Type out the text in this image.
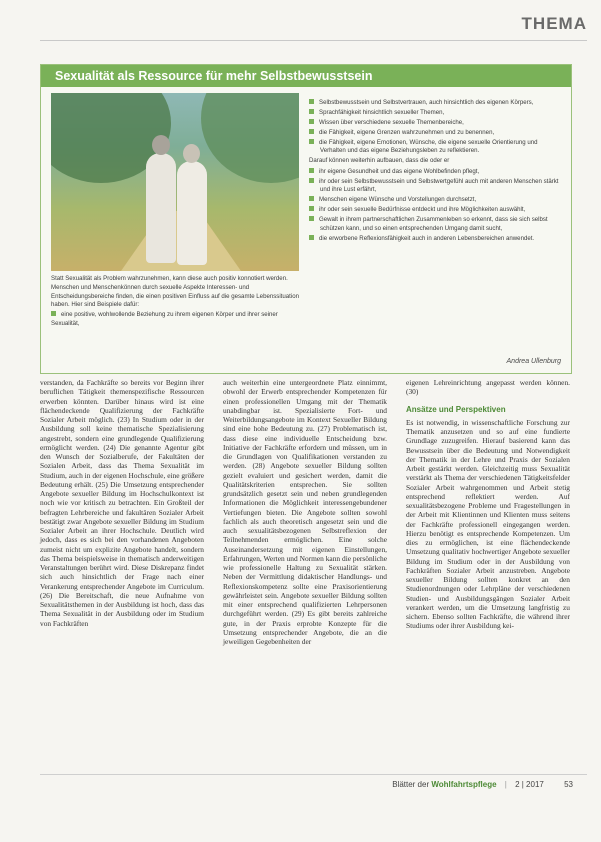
THEMA
Sexualität als Ressource für mehr Selbstbewusstsein
Statt Sexualität als Problem wahrzunehmen, kann diese auch positiv konnotiert werden. Menschen und Menschenkönnen durch sexuelle Aspekte Interessen- und Entscheidungsbereiche finden, die einen positiven Einfluss auf die gesamte Lebenssituation haben. Hier sind Beispiele dafür:
eine positive, wohlwollende Beziehung zu ihrem eigenen Körper und ihrer seiner Sexualität,
Selbstbewusstsein und Selbstvertrauen, auch hinsichtlich des eigenen Körpers,
Sprachfähigkeit hinsichtlich sexueller Themen,
Wissen über verschiedene sexuelle Themenbereiche,
die Fähigkeit, eigene Grenzen wahrzunehmen und zu benennen,
die Fähigkeit, eigene Emotionen, Wünsche, die eigene sexuelle Orientierung und Verhalten und das eigene Beziehungsleben zu reflektieren.
Darauf können weiterhin aufbauen, dass die oder er
ihr eigene Gesundheit und das eigene Wohlbefinden pflegt,
ihr oder sein Selbstbewusstsein und Selbstwertgefühl auch mit anderen Menschen stärkt und ihre Lust erfährt,
Menschen eigene Wünsche und Vorstellungen durchsetzt,
ihr oder sein sexuelle Bedürfnisse entdeckt und ihre Möglichkeiten auswählt,
Gewalt in ihrem partnerschaftlichen Zusammenleben so erkennt, dass sie sich selbst schützen kann, und so einen entsprechenden Umgang damit sucht,
die erworbene Reflexionsfähigkeit auch in anderen Lebensbereichen anwendet.
Andrea Ullenburg

verstanden, da Fachkräfte so bereits vor Beginn ihrer beruflichen Tätigkeit themenspezifische Ressourcen erwerben könnten. Darüber hinaus wird ist eine flächendeckende Qualifizierung der Fachkräfte Sozialer Arbeit möglich. (23) In Studium oder in der Ausbildung soll keine thematische Spezialisierung angestrebt, sondern eine grundlegende Qualifizierung ermöglicht werden. (24) Die genannte Agentur gibt den Wunsch der Sozialberufe, der Fakultäten der Sozialen Arbeit, dass das Thema Sexualität im Studium, auch in der eigenen Hochschule, eine größere Bedeutung erhält. (25) Die Umsetzung entsprechender Angebote sexueller Bildung im Hochschulkontext ist noch wie vor kritisch zu betrachten. Ein Großteil der befragten Lehrbereiche und fakultären Sozialer Arbeit bestätigt zwar Angebote sexueller Bildung im Studium Sozialer Arbeit an ihrer Hochschule. Deutlich wird jedoch, dass es sich bei den vorhandenen Angeboten zumeist nicht um explizite Angebote handelt, sondern das Thema beispielsweise in thematisch anderweitigen Veranstaltungen berührt wird. Diese Diskrepanz findet sich auch hinsichtlich der Frage nach einer Verankerung entsprechender Angebote im Curriculum. (26) Die Bereitschaft, die neue Aufnahme von Sexualitätsthemen in der Ausbildung ist hoch, dass das Thema Sexualität in der Ausbildung oder im Studium von Fachkräften

auch weiterhin eine untergeordnete Platz einnimmt, obwohl der Erwerb entsprechender Kompetenzen für einen professionellen Umgang mit der Thematik unabdingbar ist. Spezialisierte Fort- und Weiterbildungsangebote im Kontext Sexueller Bildung sind eine hohe Bedeutung zu. (27) Problematisch ist, dass diese eine individuelle Entscheidung bzw. Initiative der Fachkräfte erfordern und müssen, um in die Grundlagen von Qualifikationen verstanden zu werden. (28) Angebote sexueller Bildung sollten gezielt evaluiert und gesichert werden, damit die Qualitätskriterien entsprechen. Sie sollten grundsätzlich gesetzt sein und neben grundlegenden Informationen die Möglichkeit interessengebundener Vertiefungen bieten. Die Angebote sollten sowohl fachlich als auch theoretisch angesetzt sein und die auch sexualitätsbezogenen Selbstreflexion der Teilnehmenden ermöglichen. Eine solche Auseinandersetzung mit eigenen Einstellungen, Erfahrungen, Werten und Normen kann die persönliche wie professionelle Haltung zu Sexualität stärken. Neben der Vermittlung didaktischer Handlungs- und Reflexionskompetenz sollte eine Praxisorientierung gewährleistet sein. Angebote sexueller Bildung sollten mit einer entsprechend qualifizierten Lehrpersonen durchgeführt werden. (29) Es gibt bereits zahlreiche gute, in der Praxis erprobte Konzepte für die Umsetzung entsprechender Angebote, die an die jeweiligen Gegebenheiten der

eigenen Lehreinrichtung angepasst werden können. (30)

Ansätze und Perspektiven

Es ist notwendig, in wissenschaftliche Forschung zur Thematik anzusetzen und so auf eine fundierte Grundlage zuzugreifen. Hierauf basierend kann das Bewusstsein über die Bedeutung und Notwendigkeit der Thematik in der Lehre und Praxis der Sozialen Arbeit gestärkt werden. Gleichzeitig muss Sexualität verstärkt als Thema der verschiedenen Tätigkeitsfelder Sozialer Arbeit wahrgenommen und Arbeit stetig entsprechend reflektiert werden. Auf sexualitätsbezogene Probleme und Fragestellungen in der Arbeit mit Klientinnen und Klienten muss seitens der Fachkräfte professionell eingegangen werden. Hierzu benötigt es entsprechende Kompetenzen. Um dies zu ermöglichen, ist eine flächendeckende Umsetzung qualitativ hochwertiger Angebote sexueller Bildung im Studium oder in der Ausbildung von Fachkräften Sozialer Arbeit anzustreben. Angebote sexueller Bildung sollten konkret an den Studienordnungen oder Lehrpläne der verschiedenen Studien- und Ausbildungsgängen Sozialer Arbeit verankert werden, um die Umsetzung langfristig zu sichern. Ebenso sollten Fachkräfte, die während ihrer Studiums oder ihrer Ausbildung kei-

Blätter der Wohlfahrtspflege | 2 | 2017	53
